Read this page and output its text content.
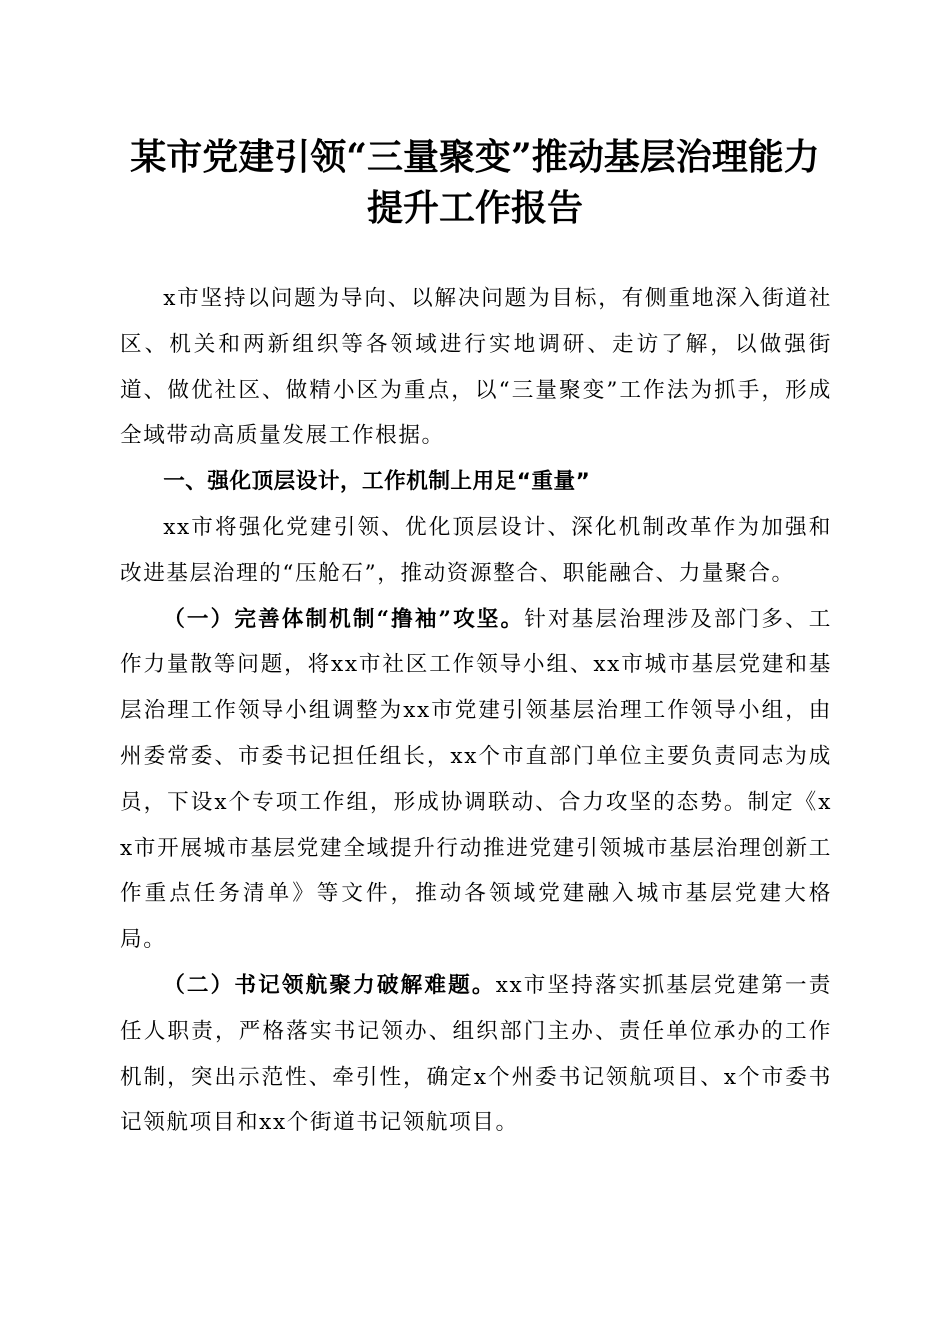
某市党建引领“三量聚变”推动基层治理能力
提升工作报告

x市坚持以问题为导向、以解决问题为目标，有侧重地深入街道社区、机关和两新组织等各领域进行实地调研、走访了解，以做强街道、做优社区、做精小区为重点，以“三量聚变”工作法为抓手，形成全域带动高质量发展工作根据。

一、强化顶层设计，工作机制上用足“重量”

xx市将强化党建引领、优化顶层设计、深化机制改革作为加强和改进基层治理的“压舱石”，推动资源整合、职能融合、力量聚合。

（一）完善体制机制“撸袖”攻坚。针对基层治理涉及部门多、工作力量散等问题，将xx市社区工作领导小组、xx市城市基层党建和基层治理工作领导小组调整为xx市党建引领基层治理工作领导小组，由州委常委、市委书记担任组长，xx个市直部门单位主要负责同志为成员，下设x个专项工作组，形成协调联动、合力攻坚的态势。制定《xx市开展城市基层党建全域提升行动推进党建引领城市基层治理创新工作重点任务清单》等文件，推动各领域党建融入城市基层党建大格局。

（二）书记领航聚力破解难题。xx市坚持落实抓基层党建第一责任人职责，严格落实书记领办、组织部门主办、责任单位承办的工作机制，突出示范性、牵引性，确定x个州委书记领航项目、x个市委书记领航项目和xx个街道书记领航项目。
